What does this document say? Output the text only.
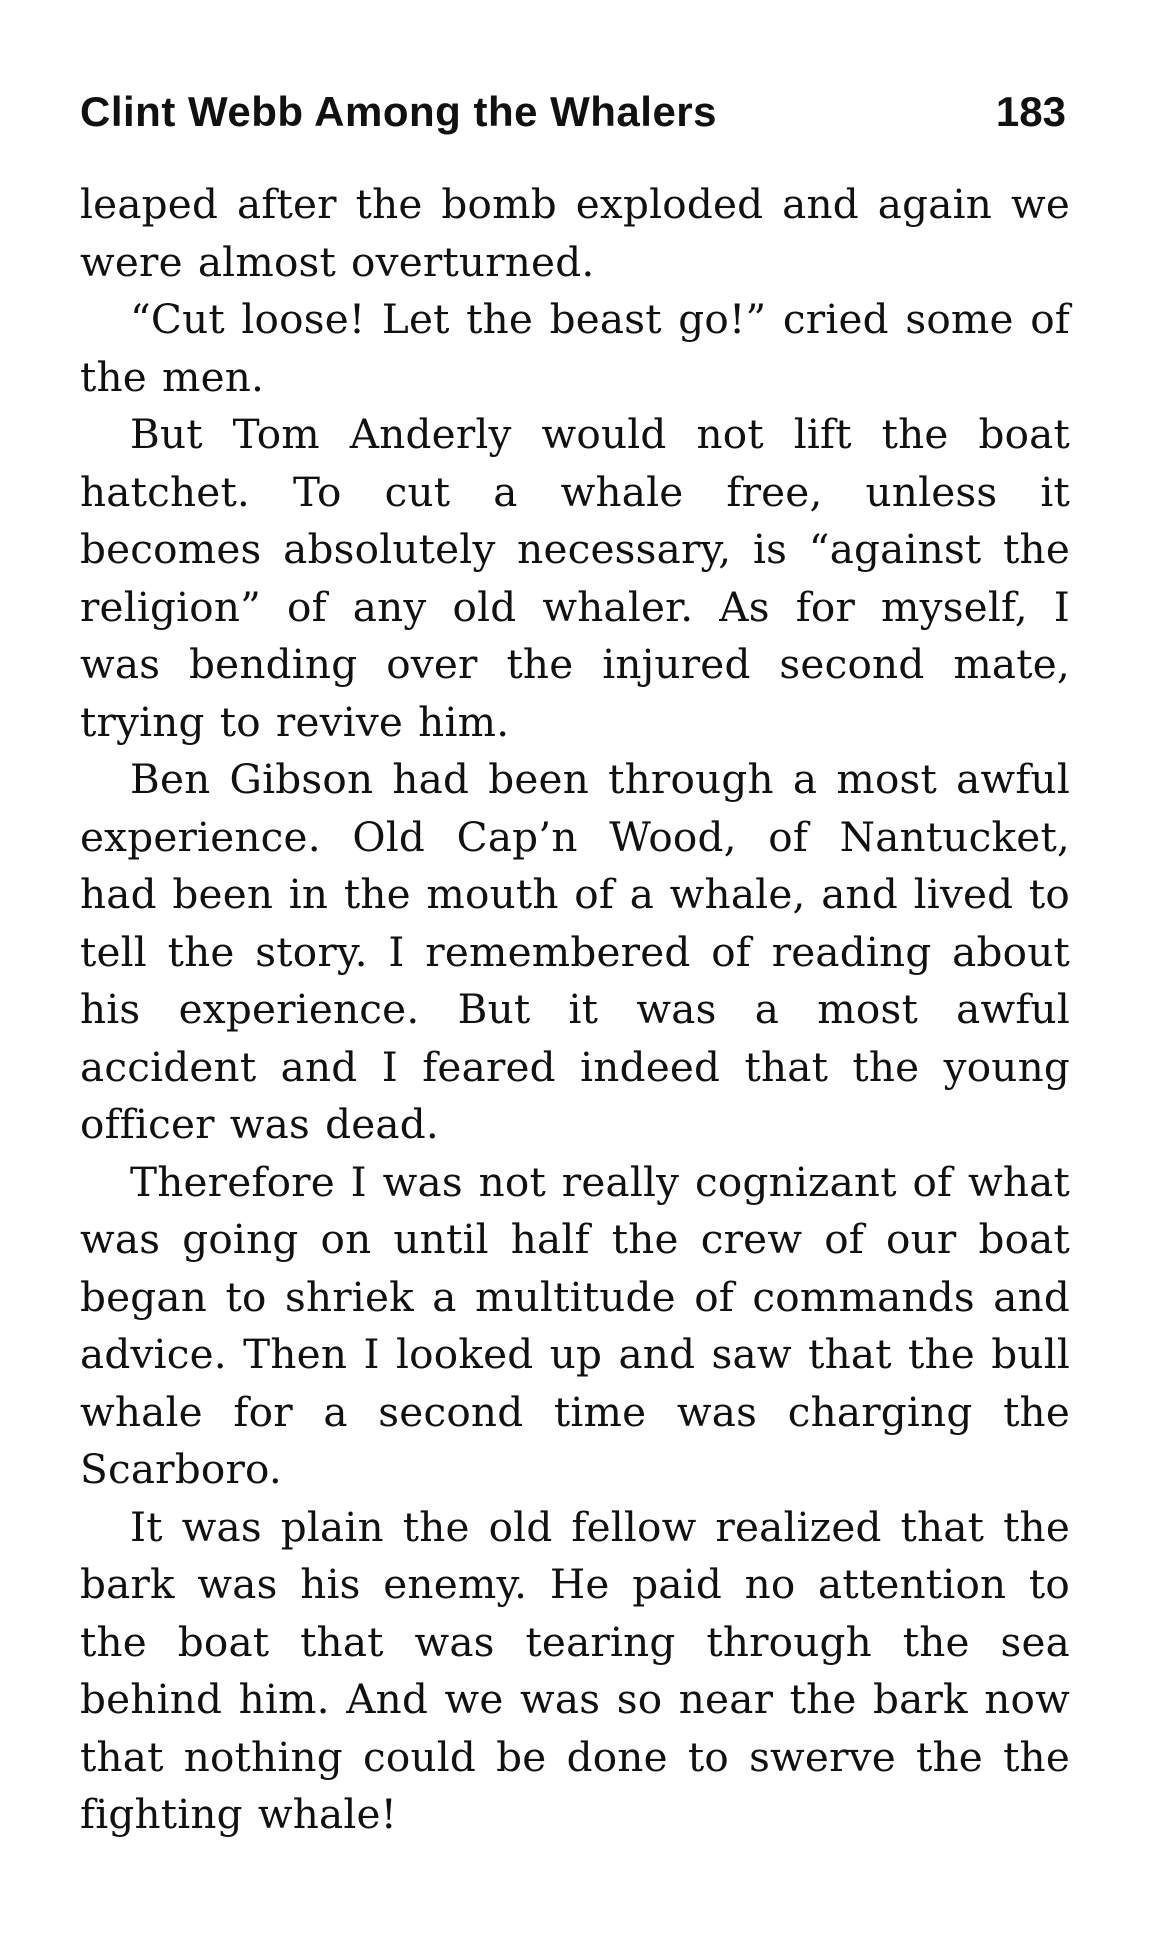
Clint Webb Among the Whalers	183

leaped after the bomb exploded and again we were almost overturned.

“Cut loose! Let the beast go!” cried some of the men.

But Tom Anderly would not lift the boat hatchet. To cut a whale free, unless it becomes absolutely necessary, is “against the religion” of any old whaler. As for myself, I was bending over the injured second mate, trying to revive him.

Ben Gibson had been through a most awful experience. Old Cap’n Wood, of Nantucket, had been in the mouth of a whale, and lived to tell the story. I remembered of reading about his experience. But it was a most awful accident and I feared indeed that the young officer was dead.

Therefore I was not really cognizant of what was going on until half the crew of our boat began to shriek a multitude of commands and advice. Then I looked up and saw that the bull whale for a second time was charging the Scarboro.

It was plain the old fellow realized that the bark was his enemy. He paid no attention to the boat that was tearing through the sea behind him. And we was so near the bark now that nothing could be done to swerve the the fighting whale!
